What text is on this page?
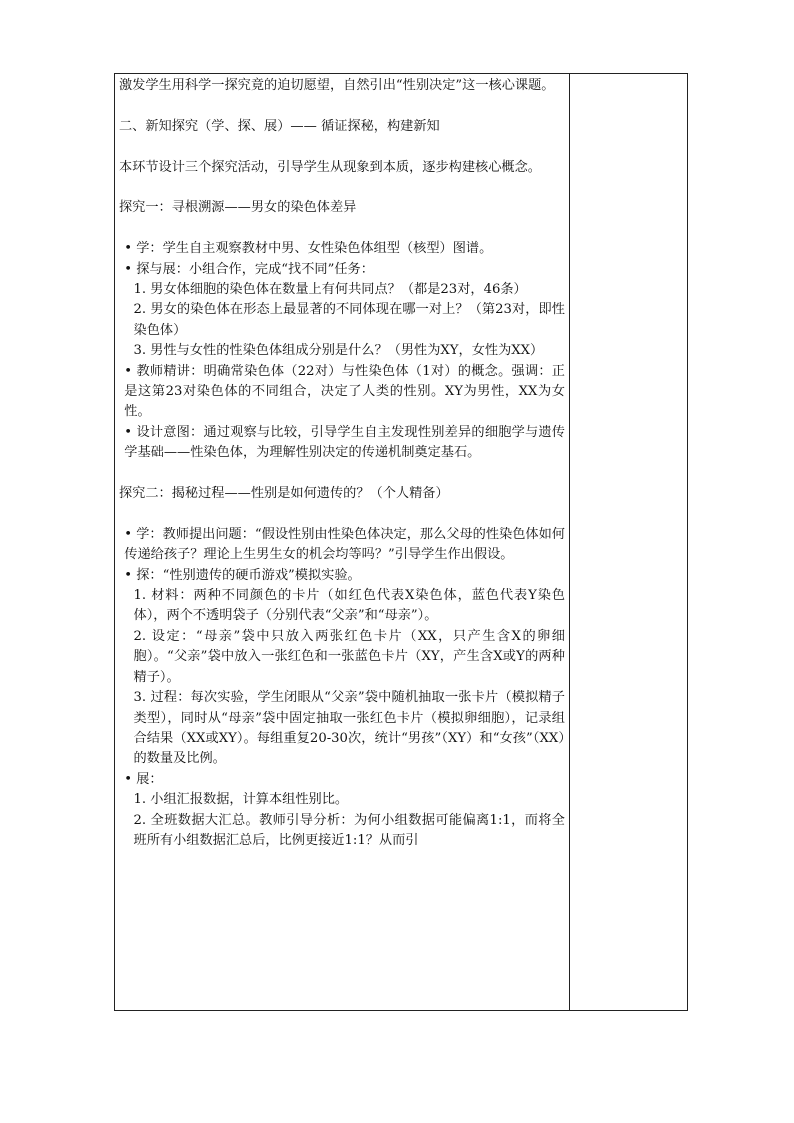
激发学生用科学一探究竟的迫切愿望，自然引出“性别决定”这一核心课题。

二、新知探究（学、探、展）—— 循证探秘，构建新知

本环节设计三个探究活动，引导学生从现象到本质，逐步构建核心概念。

探究一：寻根溯源——男女的染色体差异

• 学：学生自主观察教材中男、女性染色体组型（核型）图谱。

• 探与展：小组合作，完成“找不同”任务：

1. 男女体细胞的染色体在数量上有何共同点？（都是23对，46条）

2. 男女的染色体在形态上最显著的不同体现在哪一对上？（第23对，即性染色体）

3. 男性与女性的性染色体组成分别是什么？（男性为XY，女性为XX）

• 教师精讲：明确常染色体（22对）与性染色体（1对）的概念。强调：正是这第23对染色体的不同组合，决定了人类的性别。XY为男性，XX为女性。

• 设计意图：通过观察与比较，引导学生自主发现性别差异的细胞学与遗传学基础——性染色体，为理解性别决定的传递机制奠定基石。

探究二：揭秘过程——性别是如何遗传的？（个人精备）

• 学：教师提出问题：“假设性别由性染色体决定，那么父母的性染色体如何传递给孩子？理论上生男生女的机会均等吗？”引导学生作出假设。

• 探：“性别遗传的硬币游戏”模拟实验。

1. 材料：两种不同颜色的卡片（如红色代表X染色体，蓝色代表Y染色体），两个不透明袋子（分别代表“父亲”和“母亲”）。

2. 设定：“母亲”袋中只放入两张红色卡片（XX，只产生含X的卵细胞）。“父亲”袋中放入一张红色和一张蓝色卡片（XY，产生含X或Y的两种精子）。

3. 过程：每次实验，学生闭眼从“父亲”袋中随机抽取一张卡片（模拟精子类型），同时从“母亲”袋中固定抽取一张红色卡片（模拟卵细胞），记录组合结果（XX或XY）。每组重复20-30次，统计“男孩”（XY）和“女孩”（XX）的数量及比例。

• 展：

1. 小组汇报数据，计算本组性别比。

2. 全班数据大汇总。教师引导分析：为何小组数据可能偏离1:1，而将全班所有小组数据汇总后，比例更接近1:1？从而引
